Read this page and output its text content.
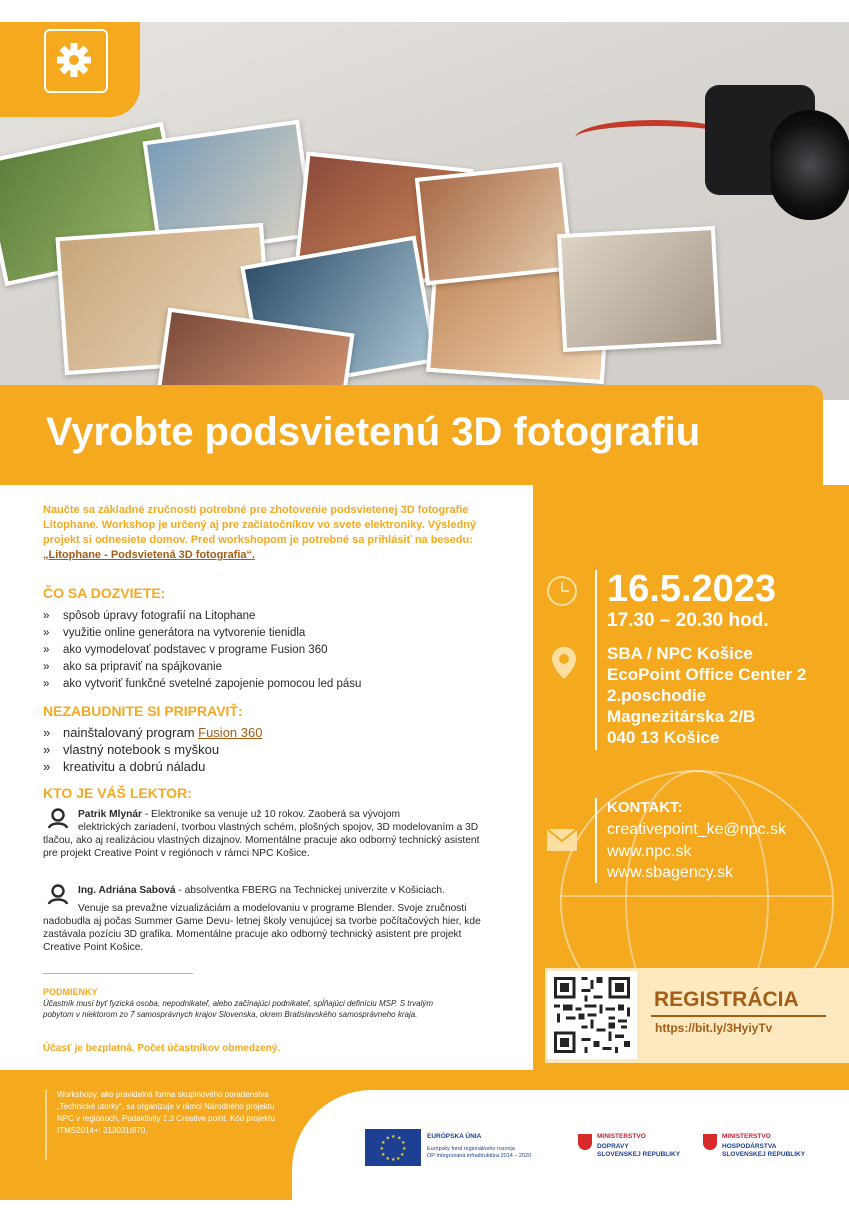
Vyrobte podsvietenú 3D fotografiu
16.5.2023
17.30 – 20.30 hod.
SBA / NPC Košice
EcoPoint Office Center 2
2.poschodie
Magnezitárska 2/B
040 13 Košice
KONTAKT:
creativepoint_ke@npc.sk
www.npc.sk
www.sbagency.sk
REGISTRÁCIA
https://bit.ly/3HyiyTv
Naučte sa základné zručnosti potrebné pre zhotovenie podsvietenej 3D fotografie Litophane. Workshop je určený aj pre začiatočníkov vo svete elektroniky. Výsledný projekt si odnesiete domov. Pred workshopom je potrebné sa prihlásiť na besedu: „Litophane - Podsvietená 3D fotografia“.
ČO SA DOZVIETE:
» spôsob úpravy fotografií na Litophane
» využitie online generátora na vytvorenie tienidla
» ako vymodelovať podstavec v programe Fusion 360
» ako sa pripraviť na spájkovanie
» ako vytvoriť funkčné svetelné zapojenie pomocou led pásu
NEZABUDNITE SI PRIPRAVIŤ:
» nainštalovaný program Fusion 360
» vlastný notebook s myškou
» kreativitu a dobrú náladu
KTO JE VÁŠ LEKTOR:
Patrik Mlynár - Elektronike sa venuje už 10 rokov. Zaoberá sa vývojom
elektrických zariadení, tvorbou vlastných schém, plošných spojov, 3D modelovaním a 3D tlačou, ako aj realizáciou vlastných dizajnov. Momentálne pracuje ako odborný technický asistent pre projekt Creative Point v regiónoch v rámci NPC Košice.
Ing. Adriána Sabová - absolventka FBERG na Technickej univerzite v Košiciach.
Venuje sa prevažne vizualizáciám a modelovaniu v programe Blender. Svoje zručnosti nadobudla aj počas Summer Game Devu- letnej školy venujúcej sa tvorbe počítačových hier, kde zastávala pozíciu 3D grafika. Momentálne pracuje ako odborný technický asistent pre projekt Creative Point Košice.
PODMIENKY
Účastník musí byť fyzická osoba, nepodnikateľ, alebo začínajúci podnikateľ, spĺňajúci definíciu MSP. S trvalým pobytom v niektorom zo 7 samosprávnych krajov Slovenska, okrem Bratislavského samosprávneho kraja.
Účasť je bezplatná. Počet účastníkov obmedzený.
Workshopy, ako pravidelná forma skupinového poradenstva „Technické utorky“, sa organizuje v rámci Národného projektu NPC v regiónoch, Podaktivity 1.3 Creative point. Kód projektu ITMS2014+: 313031I870.
★ ★
★
★
★
★
★
★
★
★
★
★	EURÓPSKA ÚNIA
Európsky fond regionálneho rozvoja
OP Integrovaná infraštruktúra 2014 – 2020
MINISTERSTVO
DOPRAVY
SLOVENSKEJ REPUBLIKY
MINISTERSTVO
HOSPODÁRSTVA
SLOVENSKEJ REPUBLIKY
